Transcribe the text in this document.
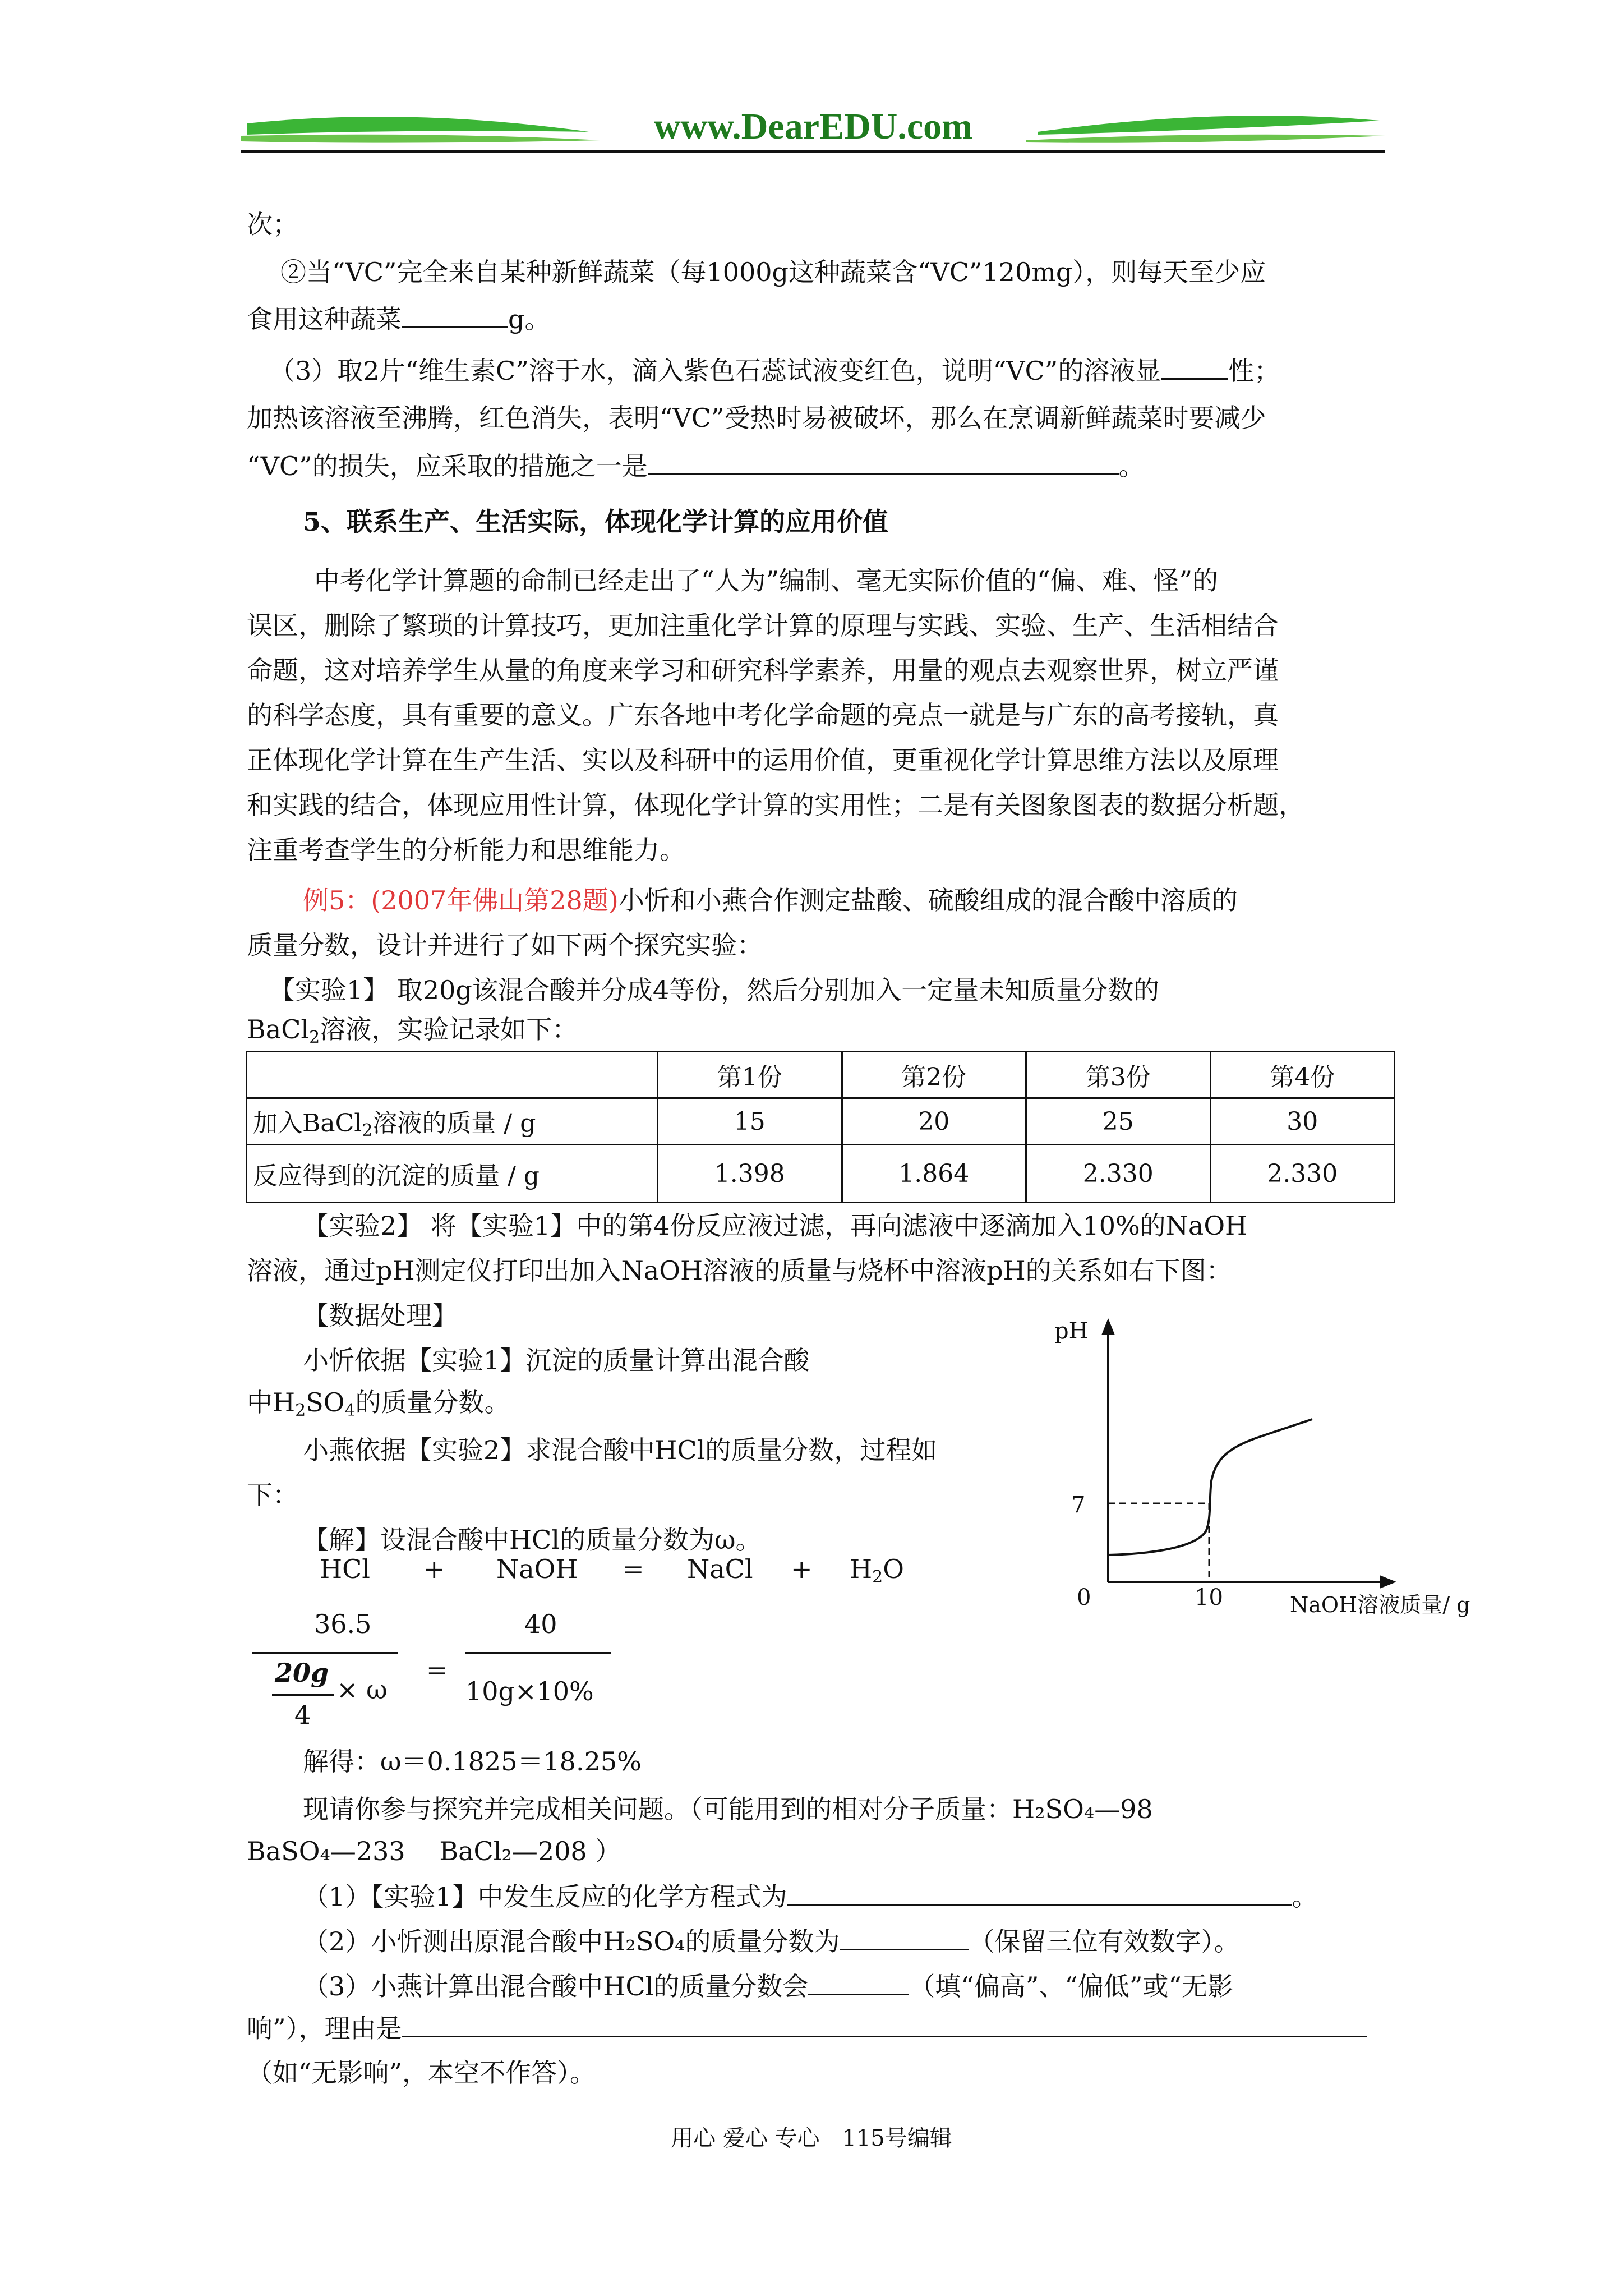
www.DearEDU.com
次；
②当“VC”完全来自某种新鲜蔬菜（每1000g这种蔬菜含“VC”120mg），则每天至少应
食用这种蔬菜	g。
（3）取2片“维生素C”溶于水，滴入紫色石蕊试液变红色，说明“VC”的溶液显	性；
加热该溶液至沸腾，红色消失，表明“VC”受热时易被破坏，那么在烹调新鲜蔬菜时要减少
“VC”的损失，应采取的措施之一是	。
5、联系生产、生活实际，体现化学计算的应用价值
中考化学计算题的命制已经走出了“人为”编制、毫无实际价值的“偏、难、怪”的
误区，删除了繁琐的计算技巧，更加注重化学计算的原理与实践、实验、生产、生活相结合
命题，这对培养学生从量的角度来学习和研究科学素养，用量的观点去观察世界，树立严谨
的科学态度，具有重要的意义。广东各地中考化学命题的亮点一就是与广东的高考接轨，真
正体现化学计算在生产生活、实以及科研中的运用价值，更重视化学计算思维方法以及原理
和实践的结合，体现应用性计算，体现化学计算的实用性；二是有关图象图表的数据分析题，
注重考查学生的分析能力和思维能力。
例5：(2007年佛山第28题)小忻和小燕合作测定盐酸、硫酸组成的混合酸中溶质的
质量分数，设计并进行了如下两个探究实验：
【实验1】 取20g该混合酸并分成4等份，然后分别加入一定量未知质量分数的
BaCl$_2$溶液，实验记录如下：
	第1份	第2份	第3份	第4份
加入BaCl$_2$溶液的质量 / g	15	20	25	30
反应得到的沉淀的质量 / g	1.398	1.864	2.330	2.330
【实验2】 将【实验1】中的第4份反应液过滤，再向滤液中逐滴加入10%的NaOH
溶液，通过pH测定仪打印出加入NaOH溶液的质量与烧杯中溶液pH的关系如右下图：
【数据处理】
小忻依据【实验1】沉淀的质量计算出混合酸
中$H_2SO_4$的质量分数。
小燕依据【实验2】求混合酸中HCl的质量分数，过程如
下：
【解】设混合酸中HCl的质量分数为ω。
HCl + NaOH = NaCl + $H_2O$
36.5
20g
4
× ω
=
40
10g×10%
解得：ω＝0.1825＝18.25%
现请你参与探究并完成相关问题。（可能用到的相对分子质量：H₂SO₄—98
BaSO₄—233　 BaCl₂—208 ）
（1）【实验1】中发生反应的化学方程式为	。
（2）小忻测出原混合酸中H₂SO₄的质量分数为	（保留三位有效数字）。
（3）小燕计算出混合酸中HCl的质量分数会	（填“偏高”、“偏低”或“无影
响”），理由是
（如“无影响”，本空不作答）。
pH
7
0	10	NaOH溶液质量/ g
用心 爱心 专心　115号编辑
